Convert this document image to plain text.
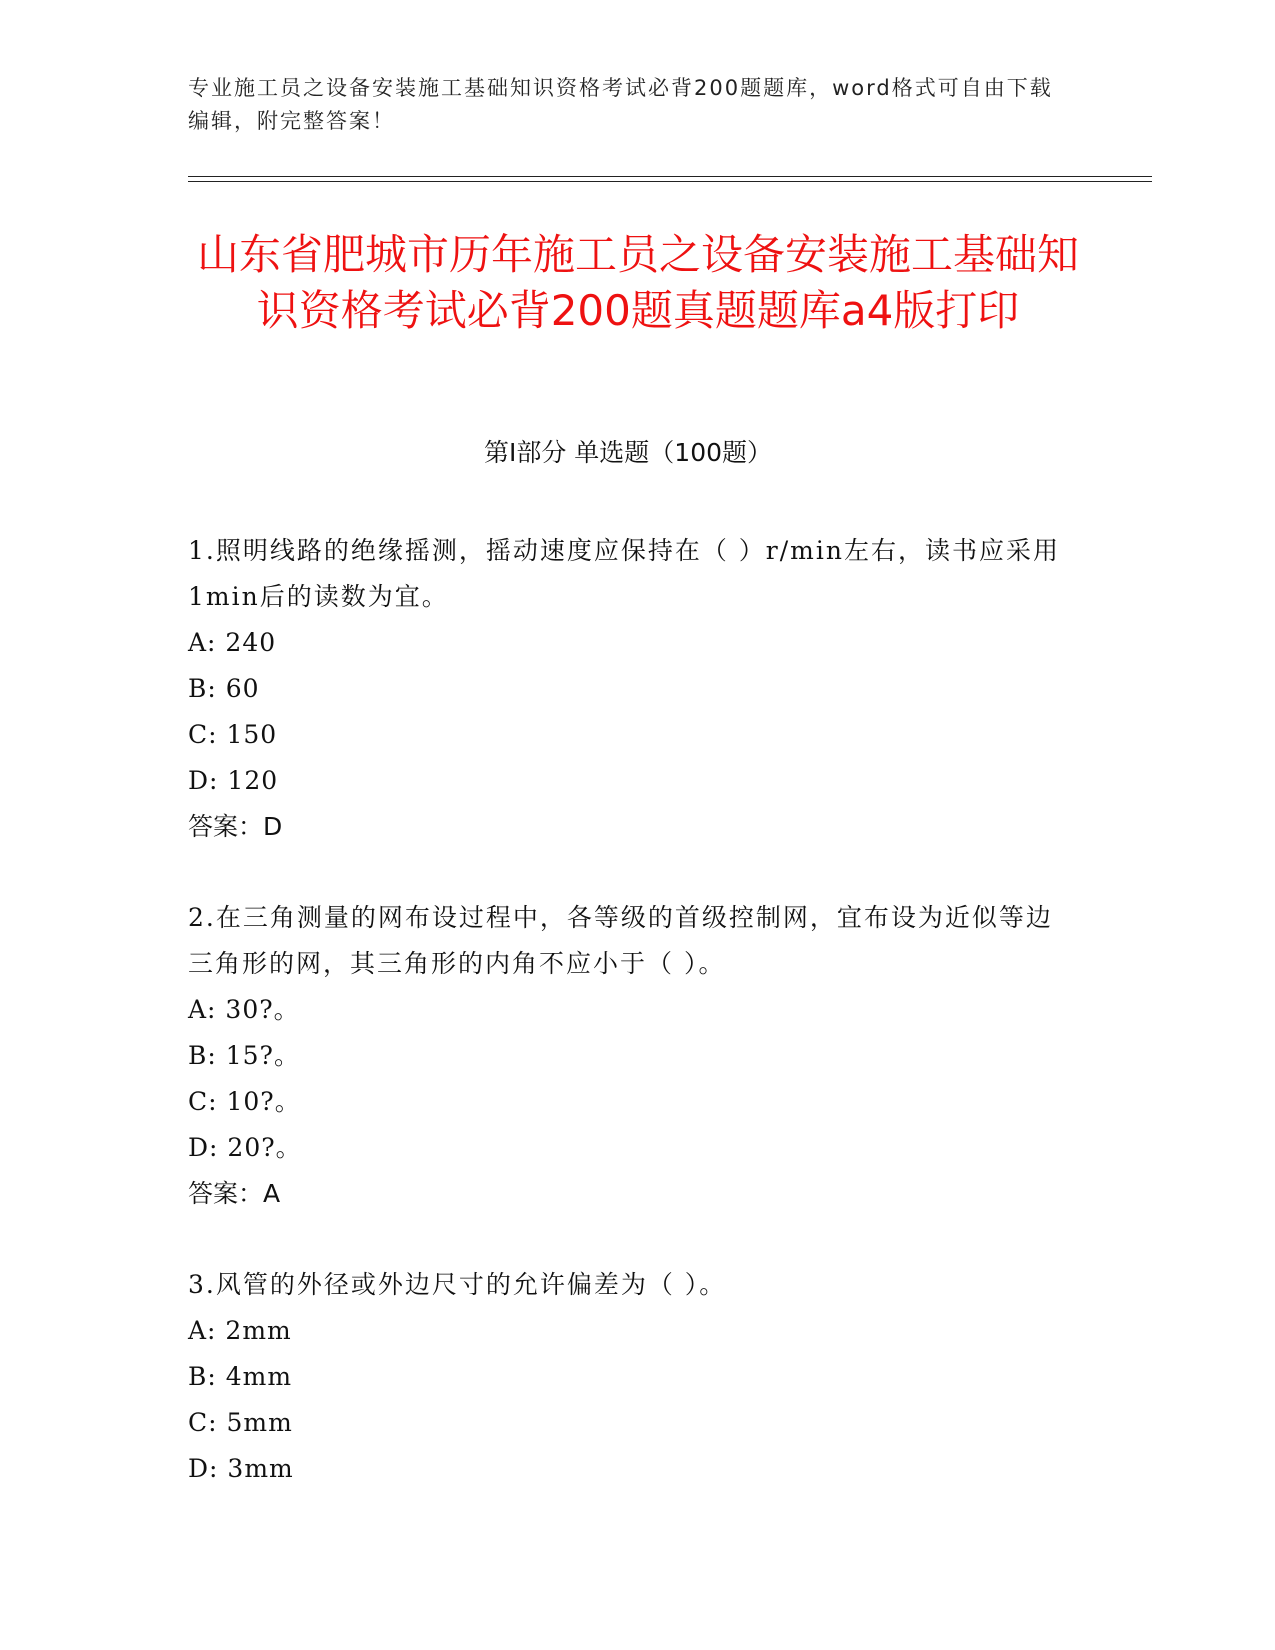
专业施工员之设备安装施工基础知识资格考试必背200题题库，word格式可自由下载编辑，附完整答案！
山东省肥城市历年施工员之设备安装施工基础知识资格考试必背200题真题题库a4版打印
第Ⅰ部分 单选题（100题）
1.照明线路的绝缘摇测，摇动速度应保持在（ ）r/min左右，读书应采用1min后的读数为宜。
A: 240
B: 60
C: 150
D: 120
答案：D
2.在三角测量的网布设过程中，各等级的首级控制网，宜布设为近似等边三角形的网，其三角形的内角不应小于（ ）。
A: 30?。
B: 15?。
C: 10?。
D: 20?。
答案：A
3.风管的外径或外边尺寸的允许偏差为（ ）。
A: 2mm
B: 4mm
C: 5mm
D: 3mm
